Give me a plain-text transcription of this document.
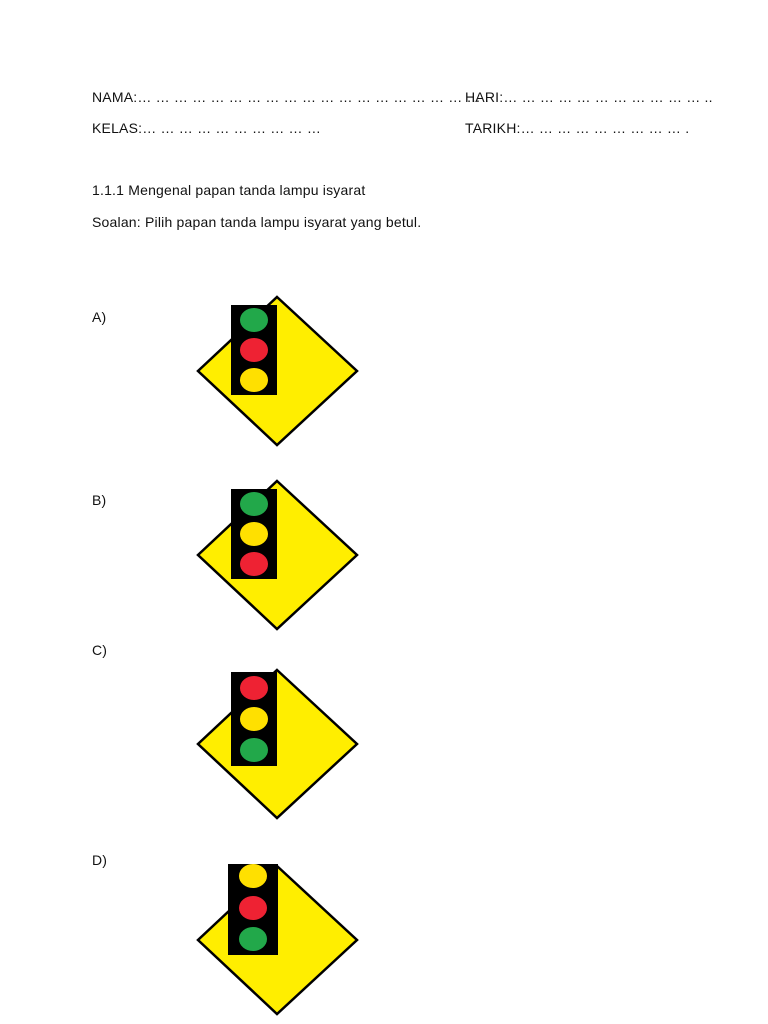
NAMA:… … … … … … … … … … … … … … … … … … … .
HARI:… … … … … … … … … … … ..
KELAS:… … … … … … … … … …	TARIKH:… … … … … … … … … .
1.1.1 Mengenal papan tanda lampu isyarat
Soalan: Pilih papan tanda lampu isyarat yang betul.
A)
B)
C)
D)
